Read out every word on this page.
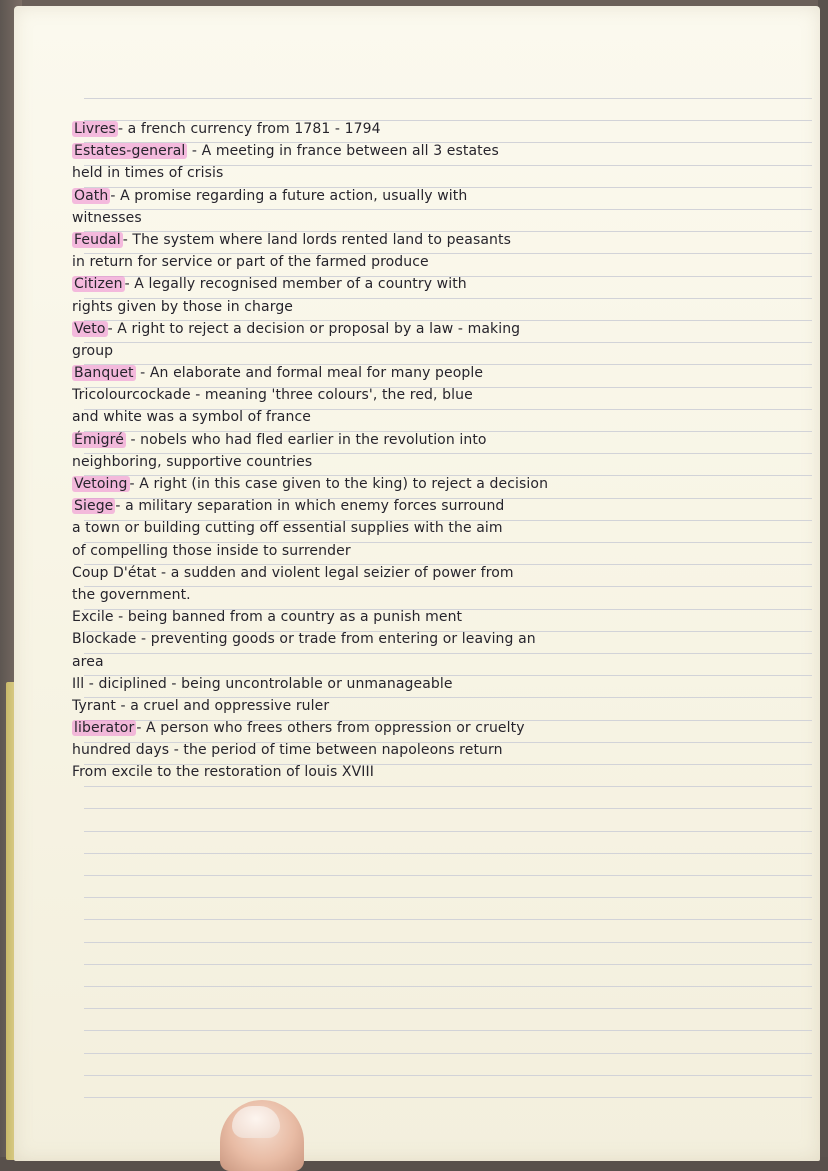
Livres - a french currency from 1781 - 1794
Estates-general - A meeting in france between all 3 estates
held in times of crisis
Oath - A promise regarding a future action, usually with
witnesses
Feudal - The system where land lords rented land to peasants
in return for service or part of the farmed produce
Citizen - A legally recognised member of a country with
rights given by those in charge
Veto - A right to reject a decision or proposal by a law - making
group
Banquet - An elaborate and formal meal for many people
Tricolourcockade - meaning 'three colours', the red, blue
and white was a symbol of france
Émigré - nobels who had fled earlier in the revolution into
neighboring, supportive countries
Vetoing - A right (in this case given to the king) to reject a decision
Siege - a military separation in which enemy forces surround
a town or building cutting off essential supplies with the aim
of compelling those inside to surrender
Coup D'état - a sudden and violent legal seizier of power from
the government.
Excile - being banned from a country as a punish ment
Blockade - preventing goods or trade from entering or leaving an
area
Ill - diciplined - being uncontrolable or unmanageable
Tyrant - a cruel and oppressive ruler
liberator - A person who frees others from oppression or cruelty
hundred days - the period of time between napoleons return
From excile to the restoration of louis XVIII
